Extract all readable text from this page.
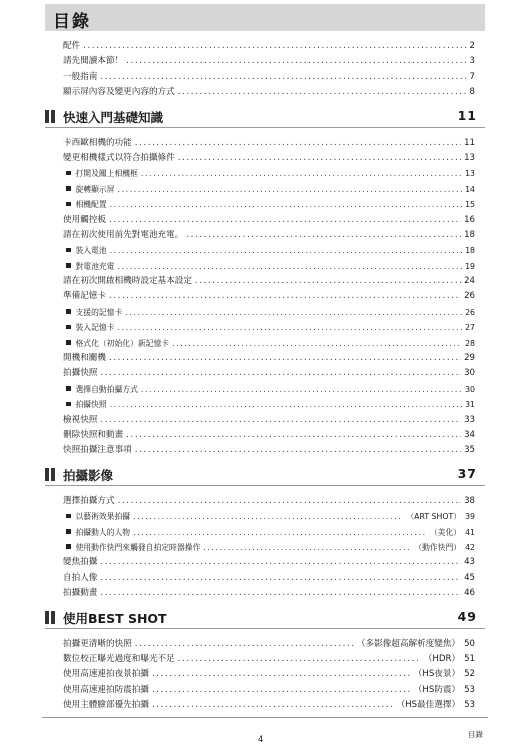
目錄
配件 .....	2
請先閱讀本節！ .....	3
一般指南 .....	7
顯示屏內容及變更內容的方式 .....	8
快速入門基礎知識	11
卡西歐相機的功能 .....	11
變更相機樣式以符合拍攝條件 .....	13
打開及關上相機框 .....	13
旋轉顯示屏 .....	14
相機配置 .....	15
使用觸控板 .....	16
請在初次使用前先對電池充電。 .....	18
裝入電池 .....	18
對電池充電 .....	19
請在初次開啟相機時設定基本設定 .....	24
準備記憶卡 .....	26
支援的記憶卡 .....	26
裝入記憶卡 .....	27
格式化（初始化）新記憶卡 .....	28
開機和關機 .....	29
拍攝快照 .....	30
選擇自動拍攝方式 .....	30
拍攝快照 .....	31
檢視快照 .....	33
刪除快照和動畫 .....	34
快照拍攝注意事項 .....	35
拍攝影像	37
選擇拍攝方式 .....	38
以藝術效果拍攝 .....	（ART SHOT） 39
拍攝動人的人物 .....	（美化） 41
使用動作快門來觸發自拍定時器操作 .....	（動作快門） 42
變焦拍攝 .....	43
自拍人像 .....	45
拍攝動畫 .....	46
使用BEST SHOT	49
拍攝更清晰的快照 .....	（多影像超高解析度變焦） 50
數位校正曝光過度和曝光不足 .....	（HDR） 51
使用高速連拍夜景拍攝 .....	（HS夜景） 52
使用高速連拍防震拍攝 .....	（HS防震） 53
使用主體臉部優先拍攝 .....	（HS最佳選擇） 53
4
目錄
